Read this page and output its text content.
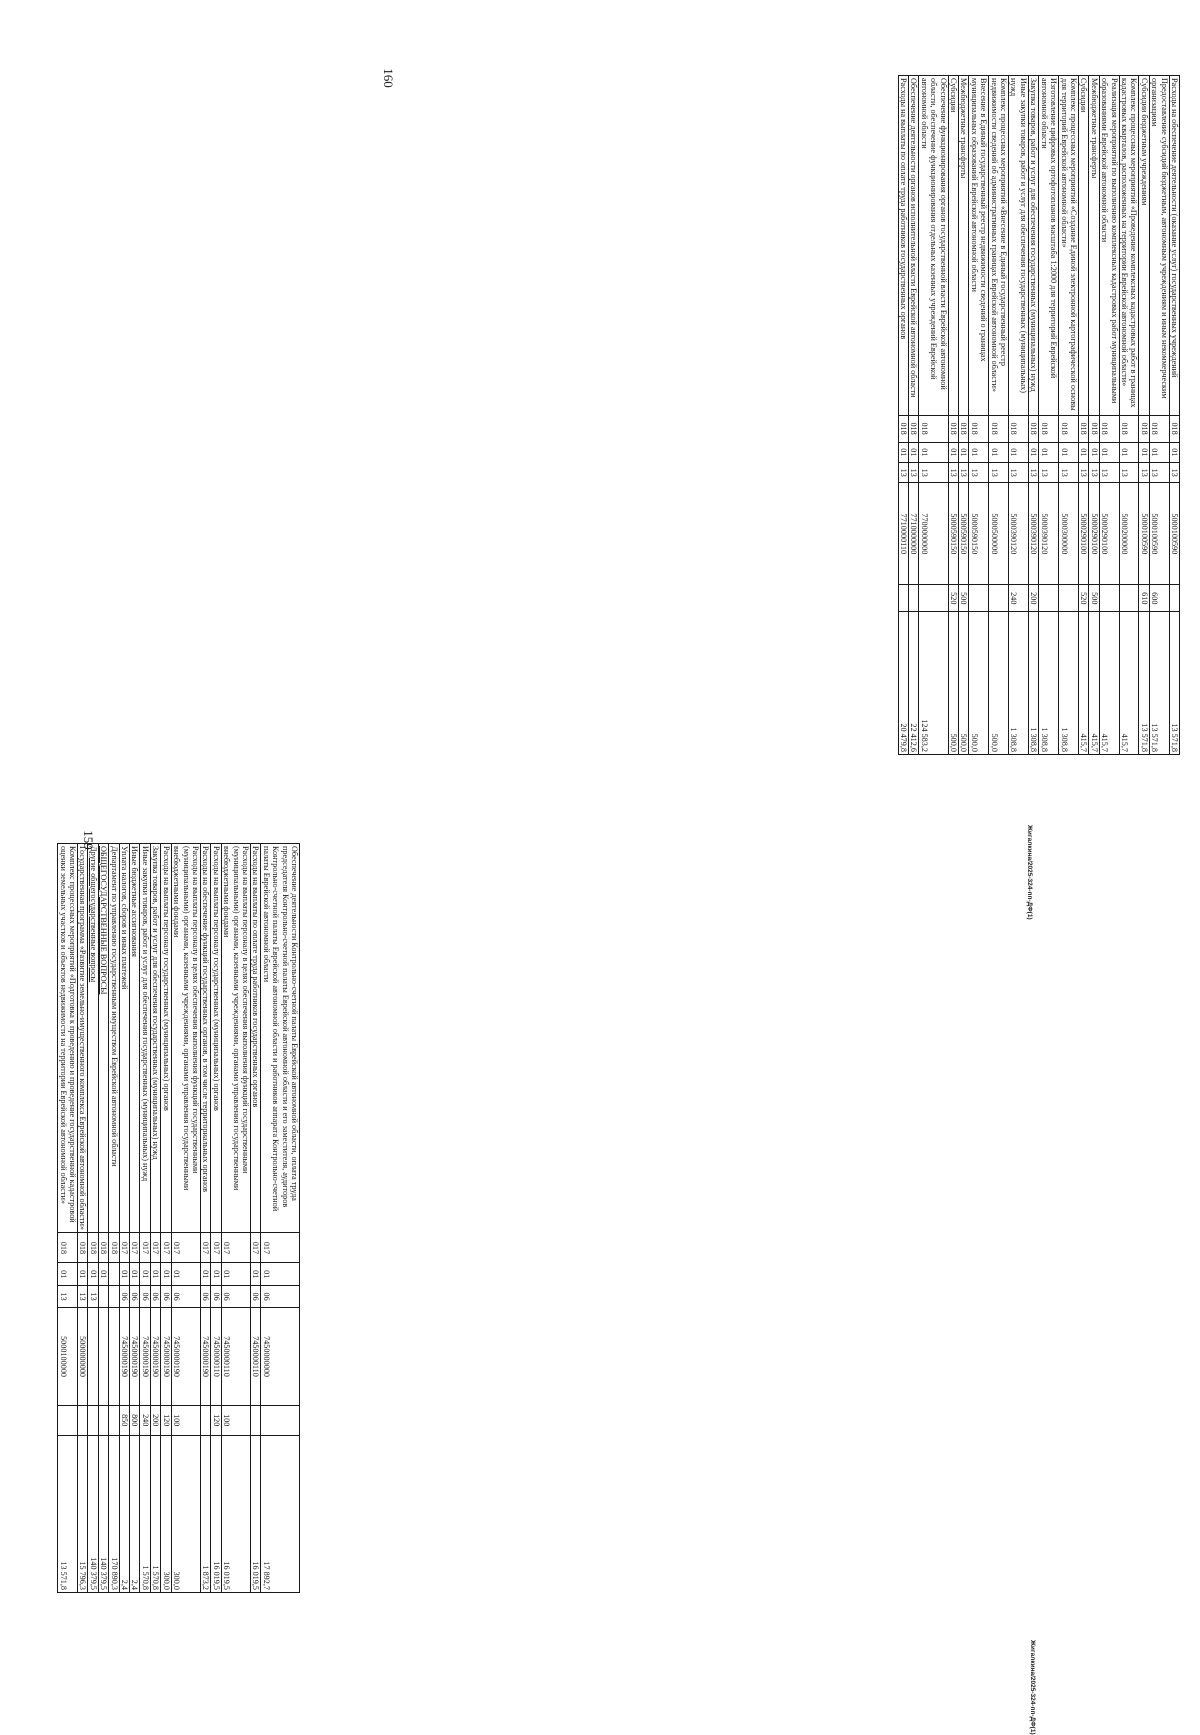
159
Обеспечение деятельности Контрольно-счетной палаты Еврейской автономной области, оплата труда председателя Контрольно-счетной палаты Еврейской автономной области и его заместителя, аудиторов Контрольно-счетной палаты Еврейской автономной области и работников аппарата Контрольно-счетной палаты Еврейской автономной области	017	01	06	7450000000		17 892,7
Расходы на выплаты по оплате труда работников государственных органов	017	01	06	7450000110		16 019,5
Расходы на выплаты персоналу в целях обеспечения выполнения функций государственными (муниципальными) органами, казенными учреждениями, органами управления государственными внебюджетными фондами	017	01	06	7450000110	100	16 019,5
Расходы на выплаты персоналу государственных (муниципальных) органов	017	01	06	7450000110	120	16 019,5
Расходы на обеспечение функций государственных органов, в том числе территориальных органов	017	01	06	7450000190		1 873,2
Расходы на выплаты персоналу в целях обеспечения выполнения функций государственными (муниципальными) органами, казенными учреждениями, органами управления государственными внебюджетными фондами	017	01	06	7450000190	100	300,0
Расходы на выплаты персоналу государственных (муниципальных) органов	017	01	06	7450000190	120	300,0
Закупка товаров, работ и услуг для обеспечения государственных (муниципальных) нужд	017	01	06	7450000190	200	1 570,8
Иные закупки товаров, работ и услуг для обеспечения государственных (муниципальных) нужд	017	01	06	7450000190	240	1 570,8
Иные бюджетные ассигнования	017	01	06	7450000190	800	2,4
Уплата налогов, сборов и иных платежей	017	01	06	7450000190	850	2,4
Департамент по управлению государственным имуществом Еврейской автономной области	018					170 890,3
ОБЩЕГОСУДАРСТВЕННЫЕ ВОПРОСЫ	018	01				140 379,5
Другие общегосударственные вопросы	018	01	13			140 379,5
Государственная программа «Развитие земельно-имущественного комплекса Еврейской автономной области»	018	01	13	5000000000		15 796,3
Комплекс процессных мероприятий «Подготовка к проведению и проведение государственной кадастровой оценки земельных участков и объектов недвижимости на территории Еврейской автономной области»	018	01	13	5000100000		13 571,8
Жигалкина/2025-324-пп-ДФ(1)
160	Расходы на обеспечение деятельности (оказание услуг) государственных учреждений	018	01	13	5000100590		13 571,8
Предоставление субсидий бюджетным, автономным учреждениям и иным некоммерческим организациям	018	01	13	5000100590	600	13 571,8
Субсидии бюджетным учреждениям	018	01	13	5000100590	610	13 571,8
Комплекс процессных мероприятий «Проведение комплексных кадастровых работ в границах кадастровых кварталов, расположенных на территории Еврейской автономной области»	018	01	13	5000200000		415,7
Реализация мероприятий по выполнению комплексных кадастровых работ муниципальными образованиями Еврейской автономной области	018	01	13	5000290100		415,7
Межбюджетные трансферты	018	01	13	5000290100	500	415,7
Субсидии	018	01	13	5000290100	520	415,7
Комплекс процессных мероприятий «Создание Единой электронной картографической основы для территорий Еврейской автономной области»	018	01	13	5000300000		1 308,8
Изготовление цифровых ортофотопланов масштаба 1:2000 для территорий Еврейской автономной области	018	01	13	5000390120		1 308,8
Закупка товаров, работ и услуг для обеспечения государственных (муниципальных) нужд	018	01	13	5000390120	200	1 308,8
Иные закупки товаров, работ и услуг для обеспечения государственных (муниципальных) нужд	018	01	13	5000390120	240	1 308,8
Комплекс процессных мероприятий «Внесение в Единый государственный реестр недвижимости сведений об административных границах Еврейской автономной области»	018	01	13	5000500000		500,0
Внесение в Единый государственный реестр недвижимости сведений о границах муниципальных образований Еврейской автономной области	018	01	13	5000590150		500,0
Межбюджетные трансферты	018	01	13	5000590150	500	500,0
Субсидии	018	01	13	5000590150	520	500,0
Обеспечение функционирования органов государственной власти Еврейской автономной области, обеспечение функционирования отдельных казенных учреждений Еврейской автономной области	018	01	13	7700000000		124 583,2
Обеспечение деятельности органов исполнительной власти Еврейской автономной области	018	01	13	7710000000		22 412,6
Расходы на выплаты по оплате труда работников государственных органов	018	01	13	7710000110		20 479,8
Жигалкина/2025-324-пп-ДФ(1)
